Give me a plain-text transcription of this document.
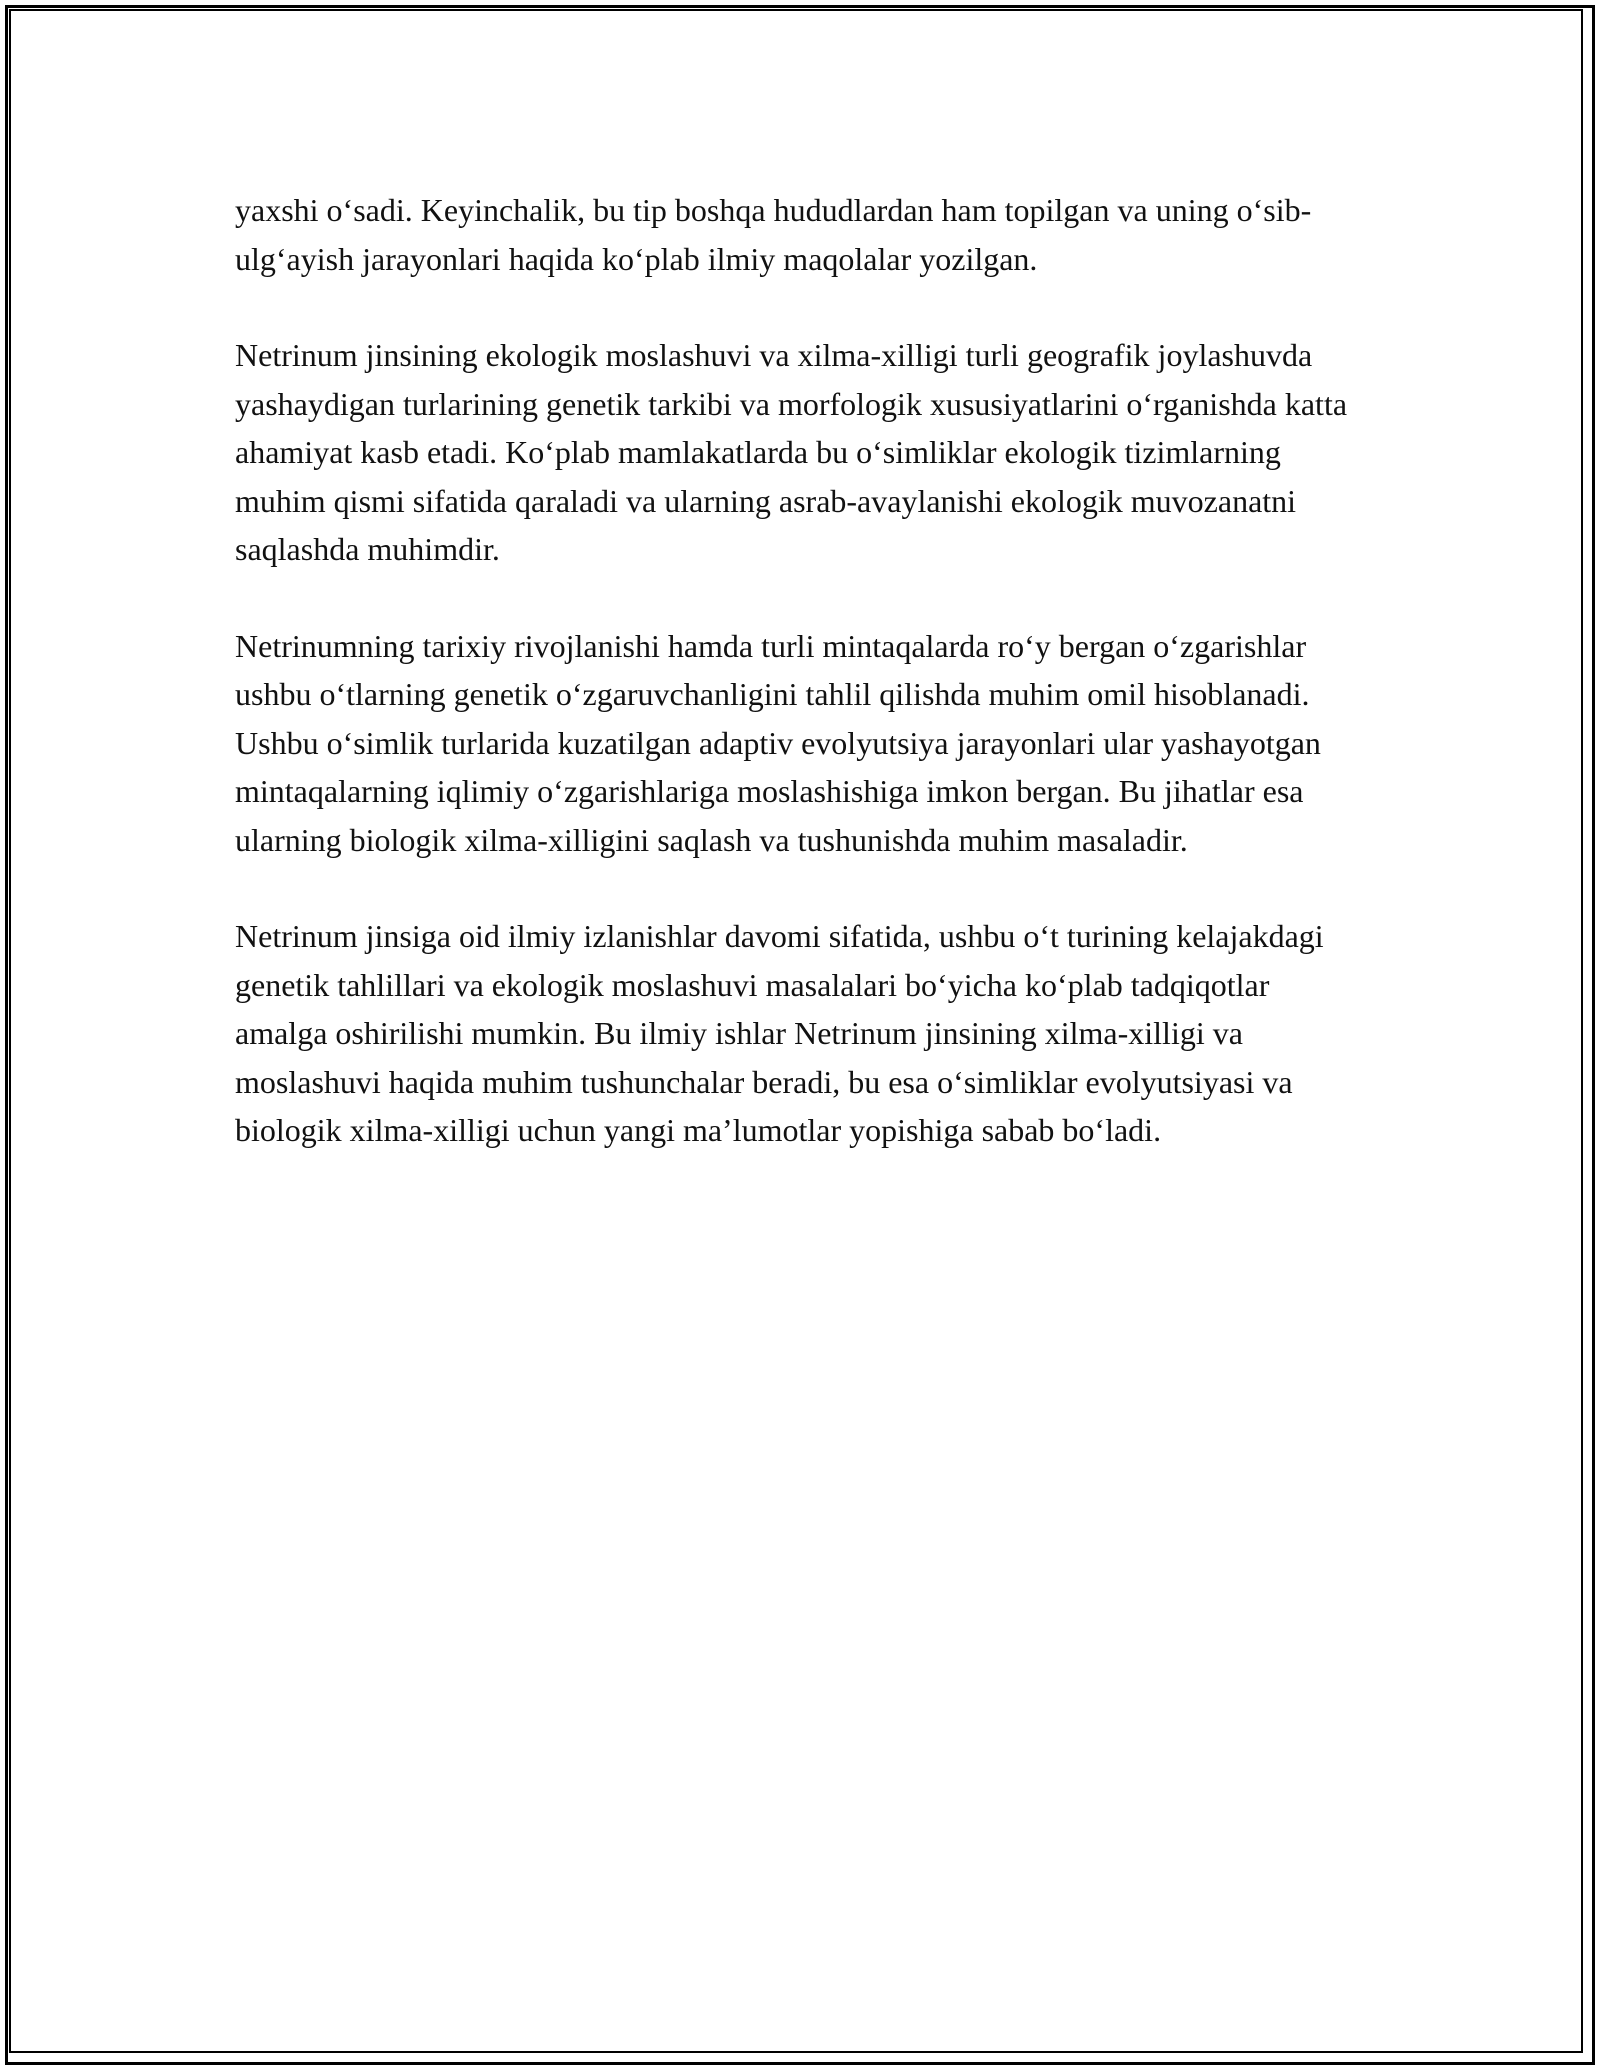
yaxshi o‘sadi. Keyinchalik, bu tip boshqa hududlardan ham topilgan va uning o‘sib-ulg‘ayish jarayonlari haqida ko‘plab ilmiy maqolalar yozilgan.

Netrinum jinsining ekologik moslashuvi va xilma-xilligi turli geografik joylashuvda yashaydigan turlarining genetik tarkibi va morfologik xususiyatlarini o‘rganishda katta ahamiyat kasb etadi. Ko‘plab mamlakatlarda bu o‘simliklar ekologik tizimlarning muhim qismi sifatida qaraladi va ularning asrab-avaylanishi ekologik muvozanatni saqlashda muhimdir.

Netrinumning tarixiy rivojlanishi hamda turli mintaqalarda ro‘y bergan o‘zgarishlar ushbu o‘tlarning genetik o‘zgaruvchanligini tahlil qilishda muhim omil hisoblanadi. Ushbu o‘simlik turlarida kuzatilgan adaptiv evolyutsiya jarayonlari ular yashayotgan mintaqalarning iqlimiy o‘zgarishlariga moslashishiga imkon bergan. Bu jihatlar esa ularning biologik xilma-xilligini saqlash va tushunishda muhim masaladir.

Netrinum jinsiga oid ilmiy izlanishlar davomi sifatida, ushbu o‘t turining kelajakdagi genetik tahlillari va ekologik moslashuvi masalalari bo‘yicha ko‘plab tadqiqotlar amalga oshirilishi mumkin. Bu ilmiy ishlar Netrinum jinsining xilma-xilligi va moslashuvi haqida muhim tushunchalar beradi, bu esa o‘simliklar evolyutsiyasi va biologik xilma-xilligi uchun yangi ma’lumotlar yopishiga sabab bo‘ladi.
